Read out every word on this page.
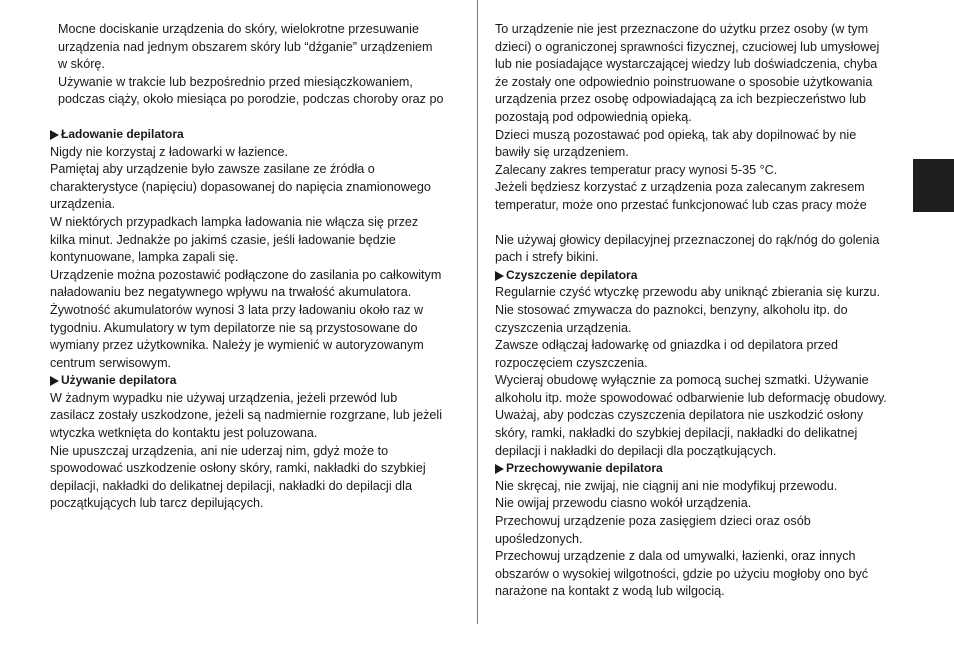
Mocne dociskanie urządzenia do skóry, wielokrotne przesuwanie
urządzenia nad jednym obszarem skóry lub “dźganie” urządzeniem
w skórę.

Używanie w trakcie lub bezpośrednio przed miesiączkowaniem,
podczas ciąży, około miesiąca po porodzie, podczas choroby oraz po

Ładowanie depilatora

Nigdy nie korzystaj z ładowarki w łazience.

Pamiętaj aby urządzenie było zawsze zasilane ze źródła o
charakterystyce (napięciu) dopasowanej do napięcia znamionowego
urządzenia.

W niektórych przypadkach lampka ładowania nie włącza się przez
kilka minut. Jednakże po jakimś czasie, jeśli ładowanie będzie
kontynuowane, lampka zapali się.

Urządzenie można pozostawić podłączone do zasilania po całkowitym
naładowaniu bez negatywnego wpływu na trwałość akumulatora.

Żywotność akumulatorów wynosi 3 lata przy ładowaniu około raz w
tygodniu. Akumulatory w tym depilatorze nie są przystosowane do
wymiany przez użytkownika. Należy je wymienić w autoryzowanym
centrum serwisowym.

Używanie depilatora

W żadnym wypadku nie używaj urządzenia, jeżeli przewód lub
zasilacz zostały uszkodzone, jeżeli są nadmiernie rozgrzane, lub jeżeli
wtyczka wetknięta do kontaktu jest poluzowana.

Nie upuszczaj urządzenia, ani nie uderzaj nim, gdyż może to
spowodować uszkodzenie osłony skóry, ramki, nakładki do szybkiej
depilacji, nakładki do delikatnej depilacji, nakładki do depilacji dla
początkujących lub tarcz depilujących.

To urządzenie nie jest przeznaczone do użytku przez osoby (w tym
dzieci) o ograniczonej sprawności fizycznej, czuciowej lub umysłowej
lub nie posiadające wystarczającej wiedzy lub doświadczenia, chyba
że zostały one odpowiednio poinstruowane o sposobie użytkowania
urządzenia przez osobę odpowiadającą za ich bezpieczeństwo lub
pozostają pod odpowiednią opieką.

Dzieci muszą pozostawać pod opieką, tak aby dopilnować by nie
bawiły się urządzeniem.

Zalecany zakres temperatur pracy wynosi 5-35 °C.

Jeżeli będziesz korzystać z urządzenia poza zalecanym zakresem
temperatur, może ono przestać funkcjonować lub czas pracy może

Nie używaj głowicy depilacyjnej przeznaczonej do rąk/nóg do golenia
pach i strefy bikini.

Czyszczenie depilatora

Regularnie czyść wtyczkę przewodu aby uniknąć zbierania się kurzu.

Nie stosować zmywacza do paznokci, benzyny, alkoholu itp. do
czyszczenia urządzenia.

Zawsze odłączaj ładowarkę od gniazdka i od depilatora przed
rozpoczęciem czyszczenia.

Wycieraj obudowę wyłącznie za pomocą suchej szmatki. Używanie
alkoholu itp. może spowodować odbarwienie lub deformację obudowy.

Uważaj, aby podczas czyszczenia depilatora nie uszkodzić osłony
skóry, ramki, nakładki do szybkiej depilacji, nakładki do delikatnej
depilacji i nakładki do depilacji dla początkujących.

Przechowywanie depilatora

Nie skręcaj, nie zwijaj, nie ciągnij ani nie modyfikuj przewodu.

Nie owijaj przewodu ciasno wokół urządzenia.

Przechowuj urządzenie poza zasięgiem dzieci oraz osób
upośledzonych.

Przechowuj urządzenie z dala od umywalki, łazienki, oraz innych
obszarów o wysokiej wilgotności, gdzie po użyciu mogłoby ono być
narażone na kontakt z wodą lub wilgocią.
